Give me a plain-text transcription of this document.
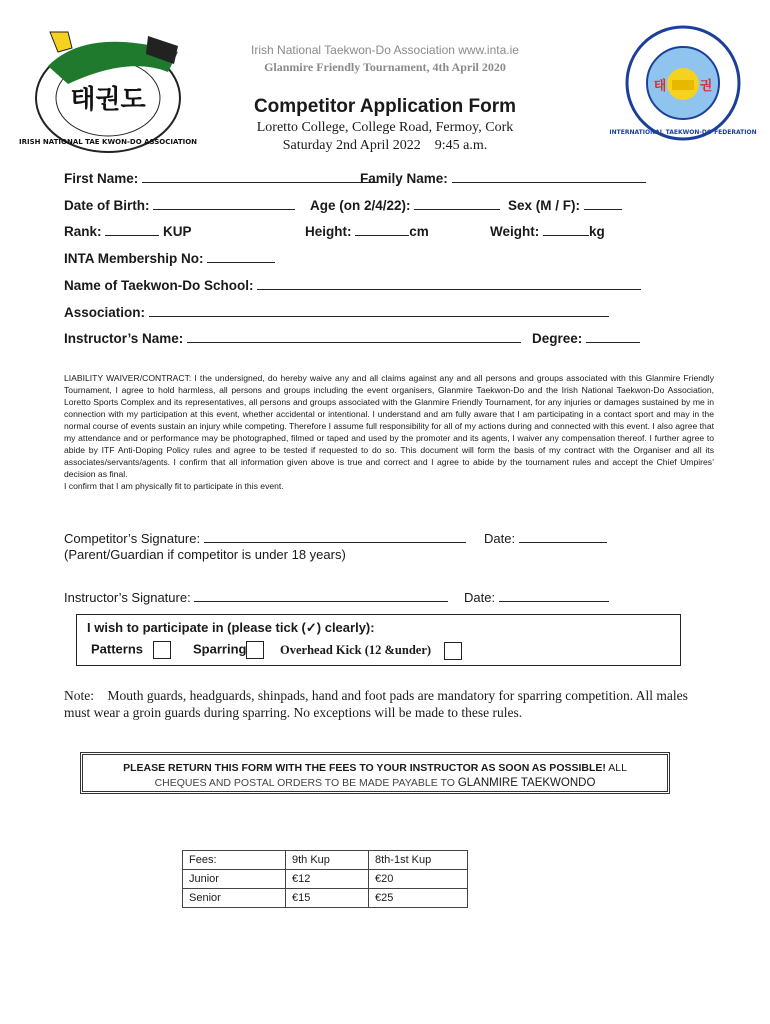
태권도
IRISH NATIONAL TAE KWON-DO ASSOCIATION
태	권
INTERNATIONAL TAEKWON-DO FEDERATION
Irish National Taekwon-Do Association www.inta.ie
Glanmire Friendly Tournament, 4th April 2020
Competitor Application Form
Loretto College, College Road, Fermoy, Cork
Saturday 2nd April 2022    9:45 a.m.
First Name:	Family Name:
Date of Birth:	Age (on 2/4/22):	Sex (M / F):
Rank:	KUP	Height:	cm	Weight:	kg
INTA Membership No:
Name of Taekwon-Do School:
Association:
Instructor’s Name:	Degree:

LIABILITY WAIVER/CONTRACT: I the undersigned, do hereby waive any and all claims against any and all persons and groups associated with this Glanmire Friendly Tournament, I agree to hold harmless, all persons and groups including the event organisers, Glanmire Taekwon-Do and the Irish National Taekwon-Do Association, Loretto Sports Complex and its representatives, all persons and groups associated with the Glanmire Friendly Tournament, for any injuries or damages sustained by me in connection with my participation at this event, whether accidental or intentional. I understand and am fully aware that I am participating in a contact sport and may in the normal course of events sustain an injury while competing. Therefore I assume full responsibility for all of my actions during and connected with this event. I also agree that my attendance and or performance may be photographed, filmed or taped and used by the promoter and its agents, I waiver any compensation thereof. I further agree to abide by ITF Anti-Doping Policy rules and agree to be tested if requested to do so. This document will form the basis of my contract with the Organiser and all its associates/servants/agents. I confirm that all information given above is true and correct and I agree to abide by the tournament rules and accept the Chief Umpires’ decision as final.

I confirm that I am physically fit to participate in this event.

Competitor’s Signature:	Date:
(Parent/Guardian if competitor is under 18 years)
Instructor’s Signature:	Date:
I wish to participate in (please tick (✓) clearly):
Patterns	Sparring	Overhead Kick (12 &under)
Note: Mouth guards, headguards, shinpads, hand and foot pads are mandatory for sparring competition. All males must wear a groin guards during sparring. No exceptions will be made to these rules.
PLEASE RETURN THIS FORM WITH THE FEES TO YOUR INSTRUCTOR AS SOON AS POSSIBLE! ALL
CHEQUES AND POSTAL ORDERS TO BE MADE PAYABLE TO GLANMIRE TAEKWONDO
Fees:	9th Kup	8th-1st Kup
Junior	€12	€20
Senior	€15	€25
